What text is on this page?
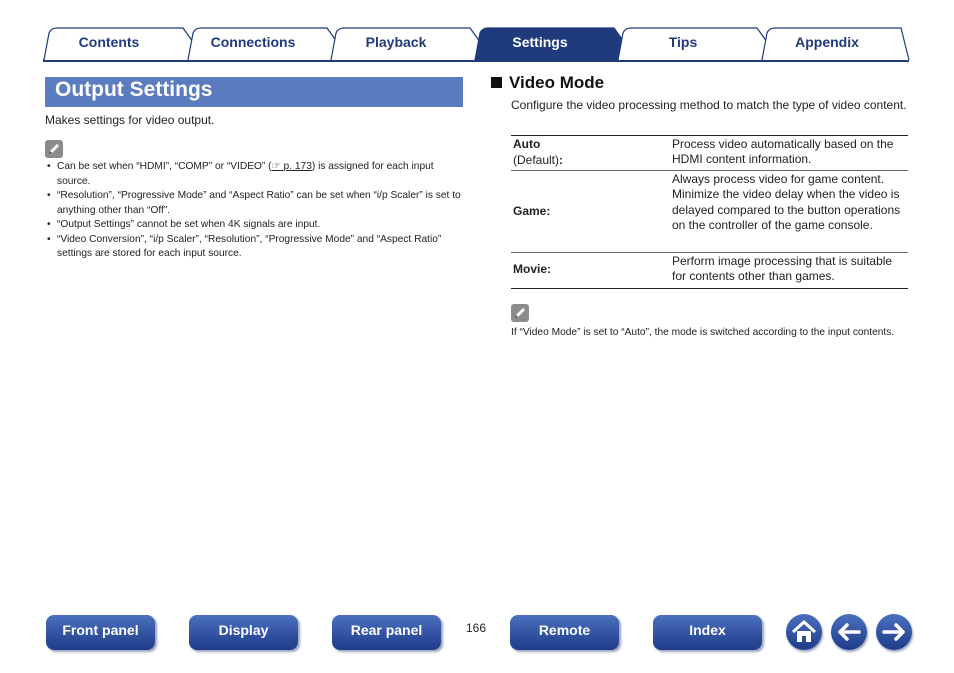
Contents	Connections	Playback	Settings	Tips	Appendix
Output Settings
Makes settings for video output.
• Can be set when “HDMI”, “COMP” or “VIDEO” (☞ p. 173) is assigned for each input source.
• “Resolution”, “Progressive Mode” and “Aspect Ratio” can be set when “i/p Scaler” is set to anything other than “Off”.
• “Output Settings” cannot be set when 4K signals are input.
• “Video Conversion”, “i/p Scaler”, “Resolution”, “Progressive Mode” and “Aspect Ratio” settings are stored for each input source.
Video Mode
Configure the video processing method to match the type of video content.
Auto
(Default):
Process video automatically based on the HDMI content information.
Game:
Always process video for game content. Minimize the video delay when the video is delayed compared to the button operations on the controller of the game console.
Movie:
Perform image processing that is suitable for contents other than games.
If “Video Mode” is set to “Auto”, the mode is switched according to the input contents.
Front panel	Display	Rear panel	166	Remote	Index
